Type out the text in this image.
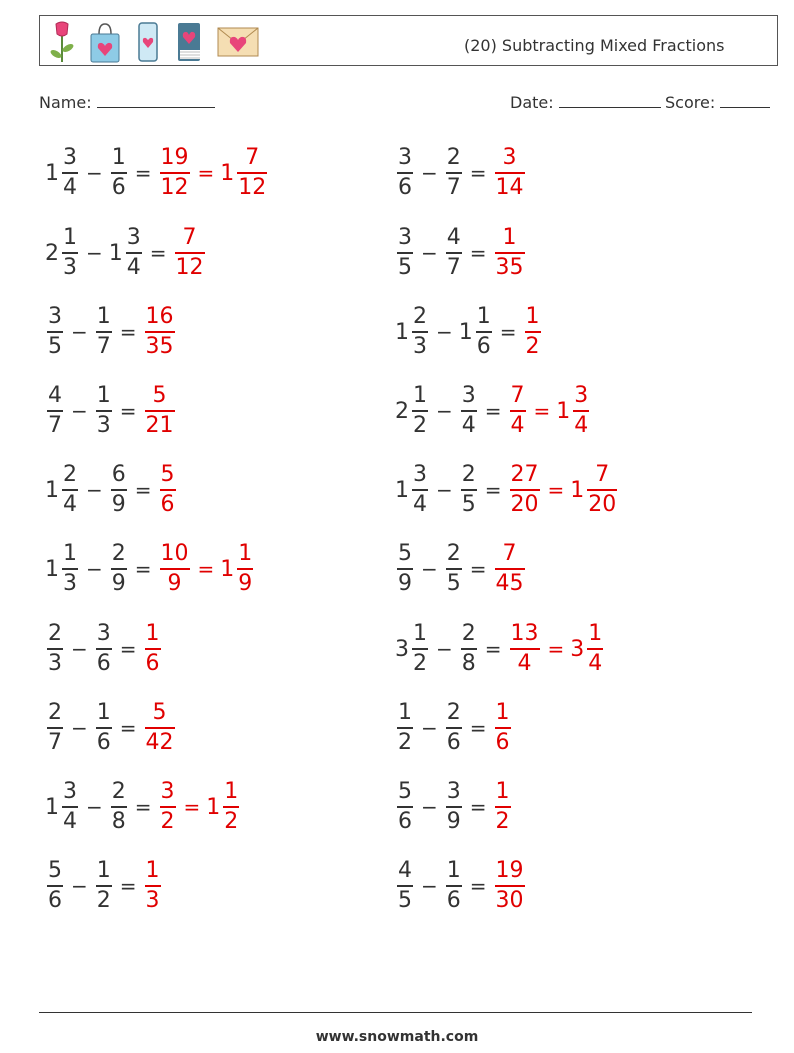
(20) Subtracting Mixed Fractions
Name:	Date:	Score:
$1 \frac{3}{4} - \frac{1}{6} = \frac{19}{12} = 1 \frac{7}{12}$
$2 \frac{1}{3} - 1 \frac{3}{4} = \frac{7}{12}$
$\frac{3}{5} - \frac{1}{7} = \frac{16}{35}$
$\frac{4}{7} - \frac{1}{3} = \frac{5}{21}$
$1 \frac{2}{4} - \frac{6}{9} = \frac{5}{6}$
$1 \frac{1}{3} - \frac{2}{9} = \frac{10}{9} = 1 \frac{1}{9}$
$\frac{2}{3} - \frac{3}{6} = \frac{1}{6}$
$\frac{2}{7} - \frac{1}{6} = \frac{5}{42}$
$1 \frac{3}{4} - \frac{2}{8} = \frac{3}{2} = 1 \frac{1}{2}$
$\frac{5}{6} - \frac{1}{2} = \frac{1}{3}$
$\frac{3}{6} - \frac{2}{7} = \frac{3}{14}$
$\frac{3}{5} - \frac{4}{7} = \frac{1}{35}$
$1 \frac{2}{3} - 1 \frac{1}{6} = \frac{1}{2}$
$2 \frac{1}{2} - \frac{3}{4} = \frac{7}{4} = 1 \frac{3}{4}$
$1 \frac{3}{4} - \frac{2}{5} = \frac{27}{20} = 1 \frac{7}{20}$
$\frac{5}{9} - \frac{2}{5} = \frac{7}{45}$
$3 \frac{1}{2} - \frac{2}{8} = \frac{13}{4} = 3 \frac{1}{4}$
$\frac{1}{2} - \frac{2}{6} = \frac{1}{6}$
$\frac{5}{6} - \frac{3}{9} = \frac{1}{2}$
$\frac{4}{5} - \frac{1}{6} = \frac{19}{30}$
www.snowmath.com
